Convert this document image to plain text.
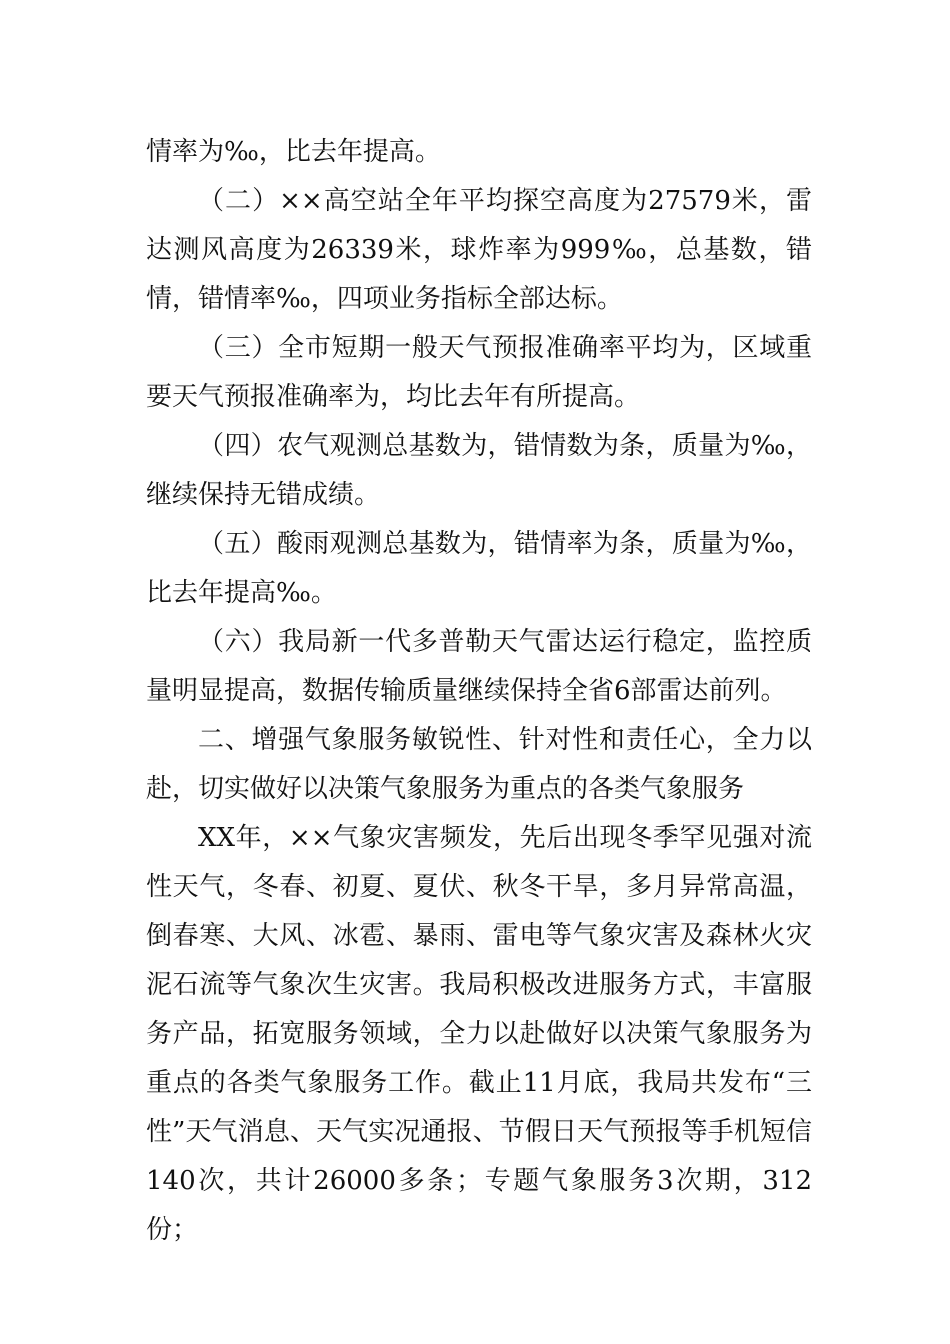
情率为‰，比去年提高。

（二）××高空站全年平均探空高度为27579米，雷达测风高度为26339米，球炸率为999‰，总基数，错情，错情率‰，四项业务指标全部达标。

（三）全市短期一般天气预报准确率平均为，区域重要天气预报准确率为，均比去年有所提高。

（四）农气观测总基数为，错情数为条，质量为‰，继续保持无错成绩。

（五）酸雨观测总基数为，错情率为条，质量为‰，比去年提高‰。

（六）我局新一代多普勒天气雷达运行稳定，监控质量明显提高，数据传输质量继续保持全省6部雷达前列。

二、增强气象服务敏锐性、针对性和责任心，全力以赴，切实做好以决策气象服务为重点的各类气象服务

XX年，××气象灾害频发，先后出现冬季罕见强对流性天气，冬春、初夏、夏伏、秋冬干旱，多月异常高温，倒春寒、大风、冰雹、暴雨、雷电等气象灾害及森林火灾泥石流等气象次生灾害。我局积极改进服务方式，丰富服务产品，拓宽服务领域，全力以赴做好以决策气象服务为重点的各类气象服务工作。截止11月底，我局共发布“三性”天气消息、天气实况通报、节假日天气预报等手机短信140次，共计26000多条；专题气象服务3次期，312份；
